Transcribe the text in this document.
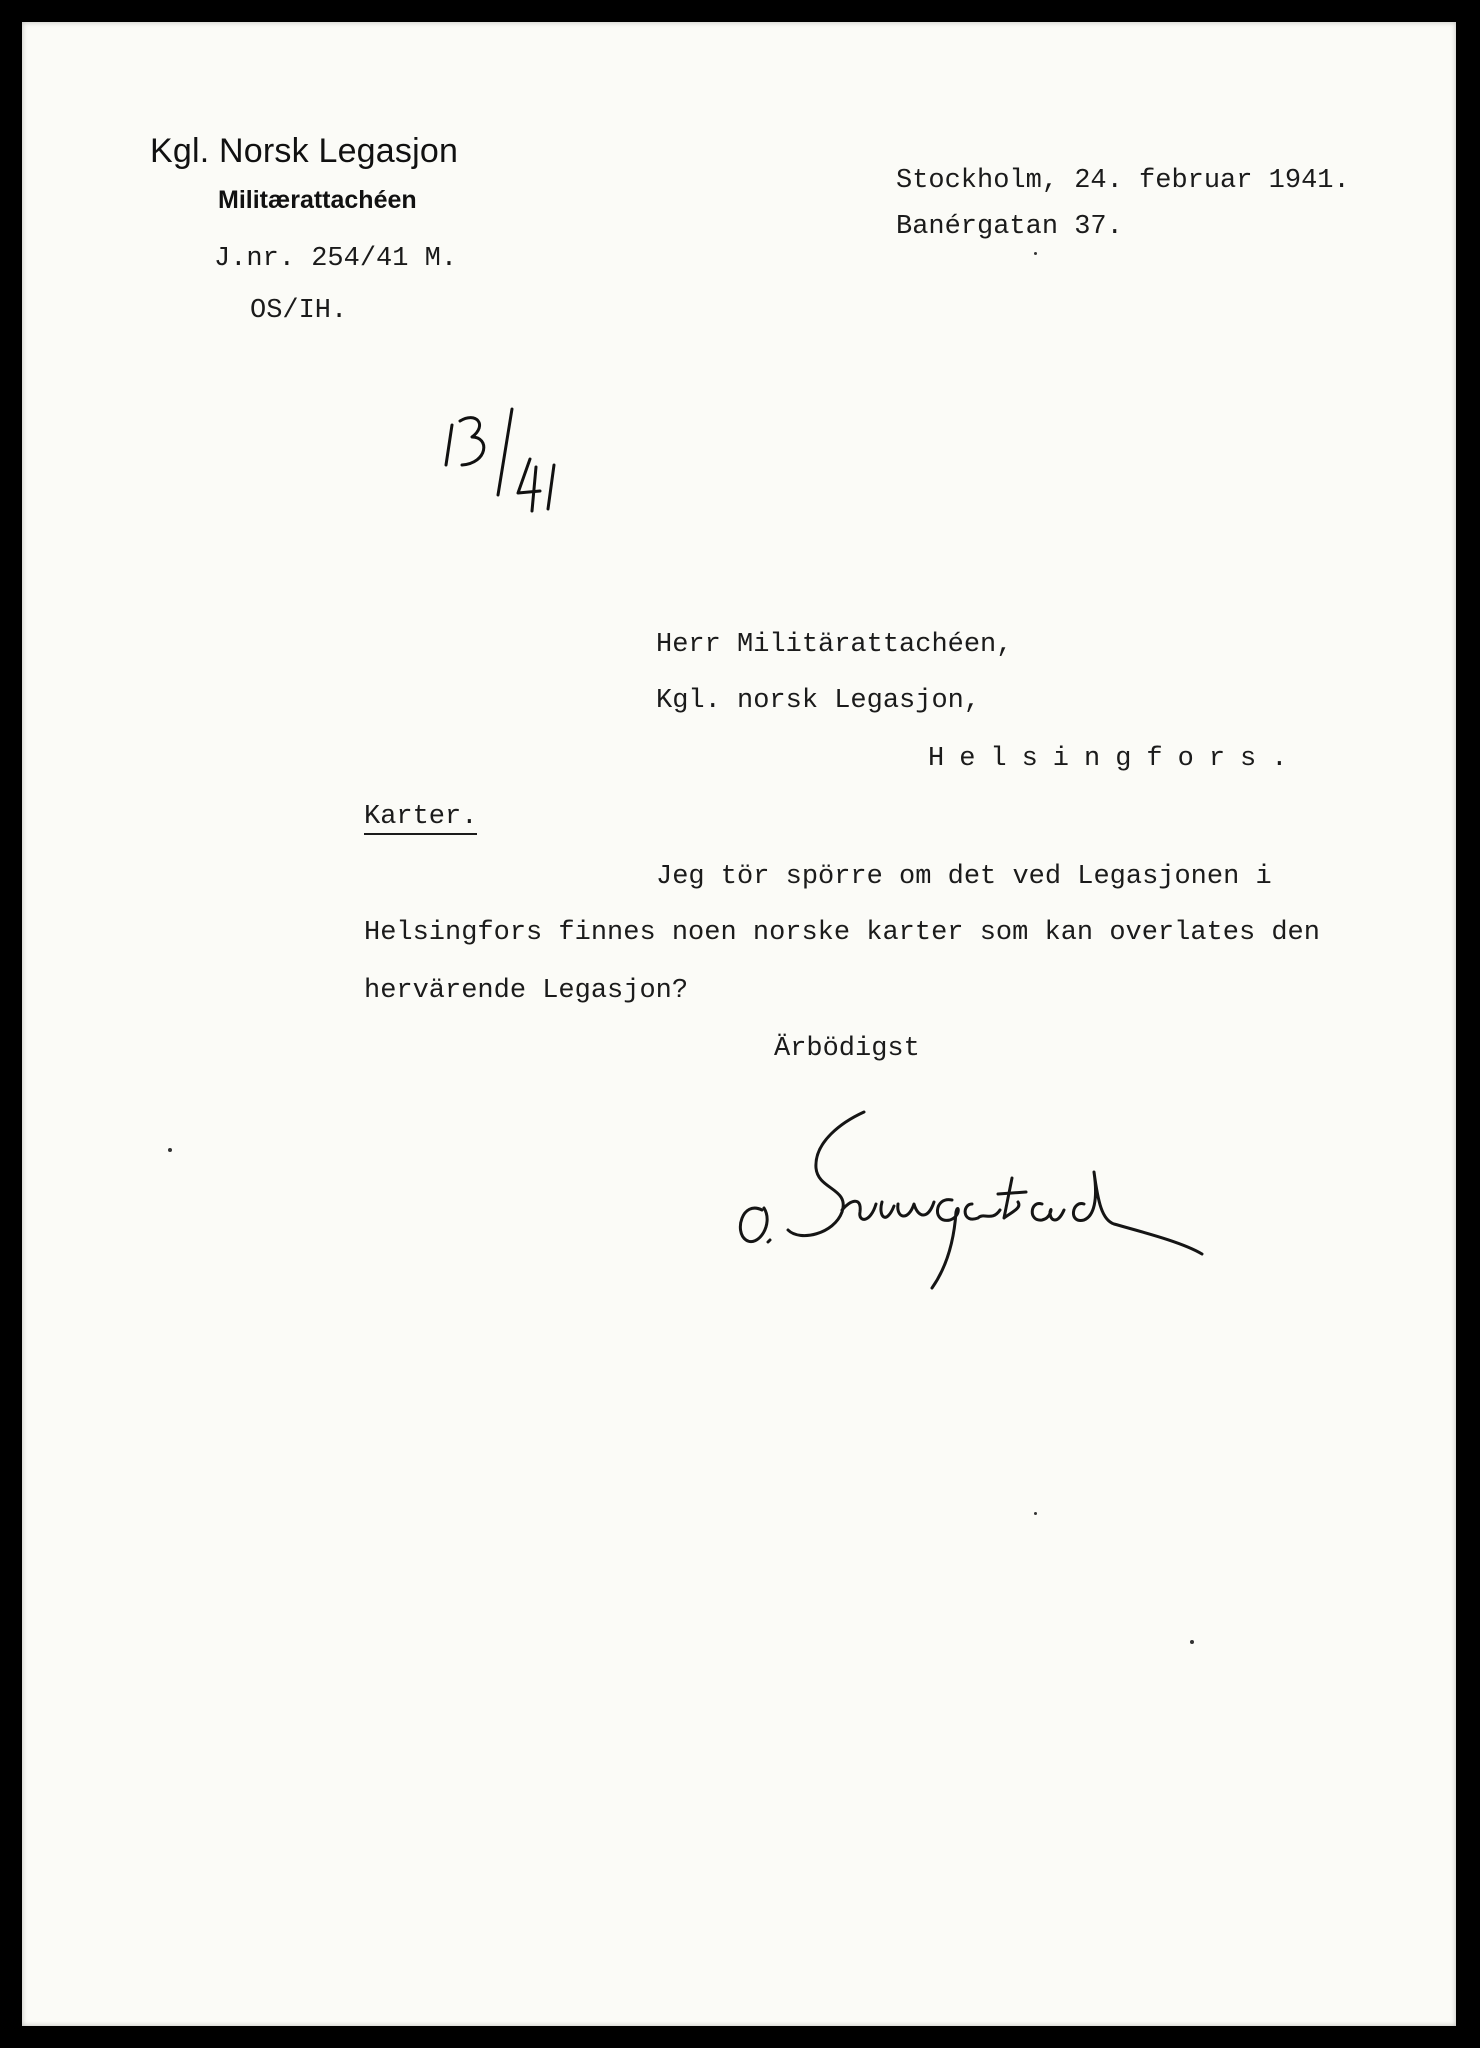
Kgl. Norsk Legasjon
Militærattachéen
J.nr. 254/41 M.
OS/IH.
Stockholm, 24. februar 1941.
Banérgatan 37.
Herr Militärattachéen,
Kgl. norsk Legasjon,
Helsingfors.
Karter.
Jeg tör spörre om det ved Legasjonen i
Helsingfors finnes noen norske karter som kan overlates den
hervärende Legasjon?
Ärbödigst
